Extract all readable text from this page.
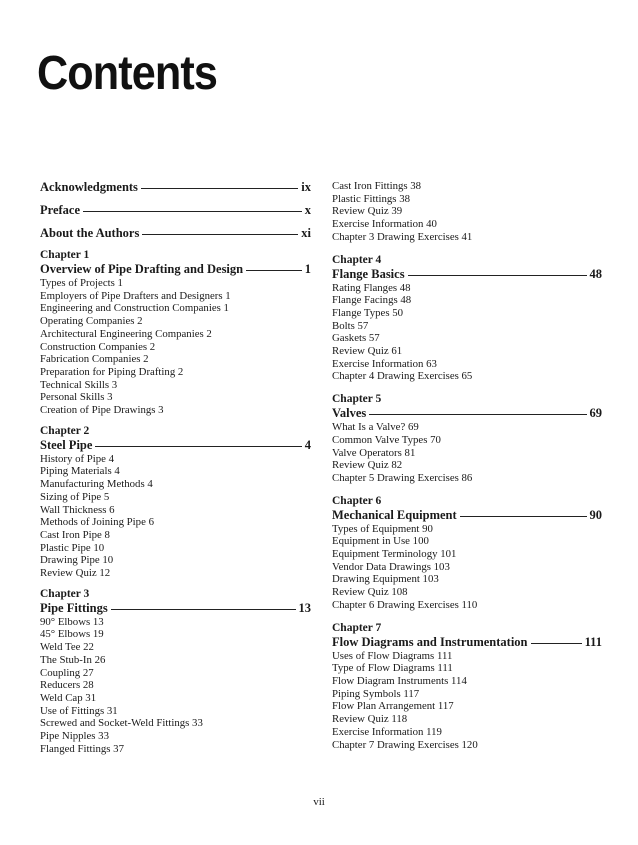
Contents
Acknowledgments	ix
Preface	x
About the Authors	xi
Chapter 1
Overview of Pipe Drafting and Design	1
Types of Projects 1
Employers of Pipe Drafters and Designers 1
Engineering and Construction Companies 1
Operating Companies 2
Architectural Engineering Companies 2
Construction Companies 2
Fabrication Companies 2
Preparation for Piping Drafting 2
Technical Skills 3
Personal Skills 3
Creation of Pipe Drawings 3
Chapter 2
Steel Pipe	4
History of Pipe 4
Piping Materials 4
Manufacturing Methods 4
Sizing of Pipe 5
Wall Thickness 6
Methods of Joining Pipe 6
Cast Iron Pipe 8
Plastic Pipe 10
Drawing Pipe 10
Review Quiz 12
Chapter 3
Pipe Fittings	13
90° Elbows 13
45° Elbows 19
Weld Tee 22
The Stub-In 26
Coupling 27
Reducers 28
Weld Cap 31
Use of Fittings 31
Screwed and Socket-Weld Fittings 33
Pipe Nipples 33
Flanged Fittings 37
Cast Iron Fittings 38
Plastic Fittings 38
Review Quiz 39
Exercise Information 40
Chapter 3 Drawing Exercises 41
Chapter 4
Flange Basics	48
Rating Flanges 48
Flange Facings 48
Flange Types 50
Bolts 57
Gaskets 57
Review Quiz 61
Exercise Information 63
Chapter 4 Drawing Exercises 65
Chapter 5
Valves	69
What Is a Valve? 69
Common Valve Types 70
Valve Operators 81
Review Quiz 82
Chapter 5 Drawing Exercises 86
Chapter 6
Mechanical Equipment	90
Types of Equipment 90
Equipment in Use 100
Equipment Terminology 101
Vendor Data Drawings 103
Drawing Equipment 103
Review Quiz 108
Chapter 6 Drawing Exercises 110
Chapter 7
Flow Diagrams and Instrumentation	111
Uses of Flow Diagrams 111
Type of Flow Diagrams 111
Flow Diagram Instruments 114
Piping Symbols 117
Flow Plan Arrangement 117
Review Quiz 118
Exercise Information 119
Chapter 7 Drawing Exercises 120
vii
